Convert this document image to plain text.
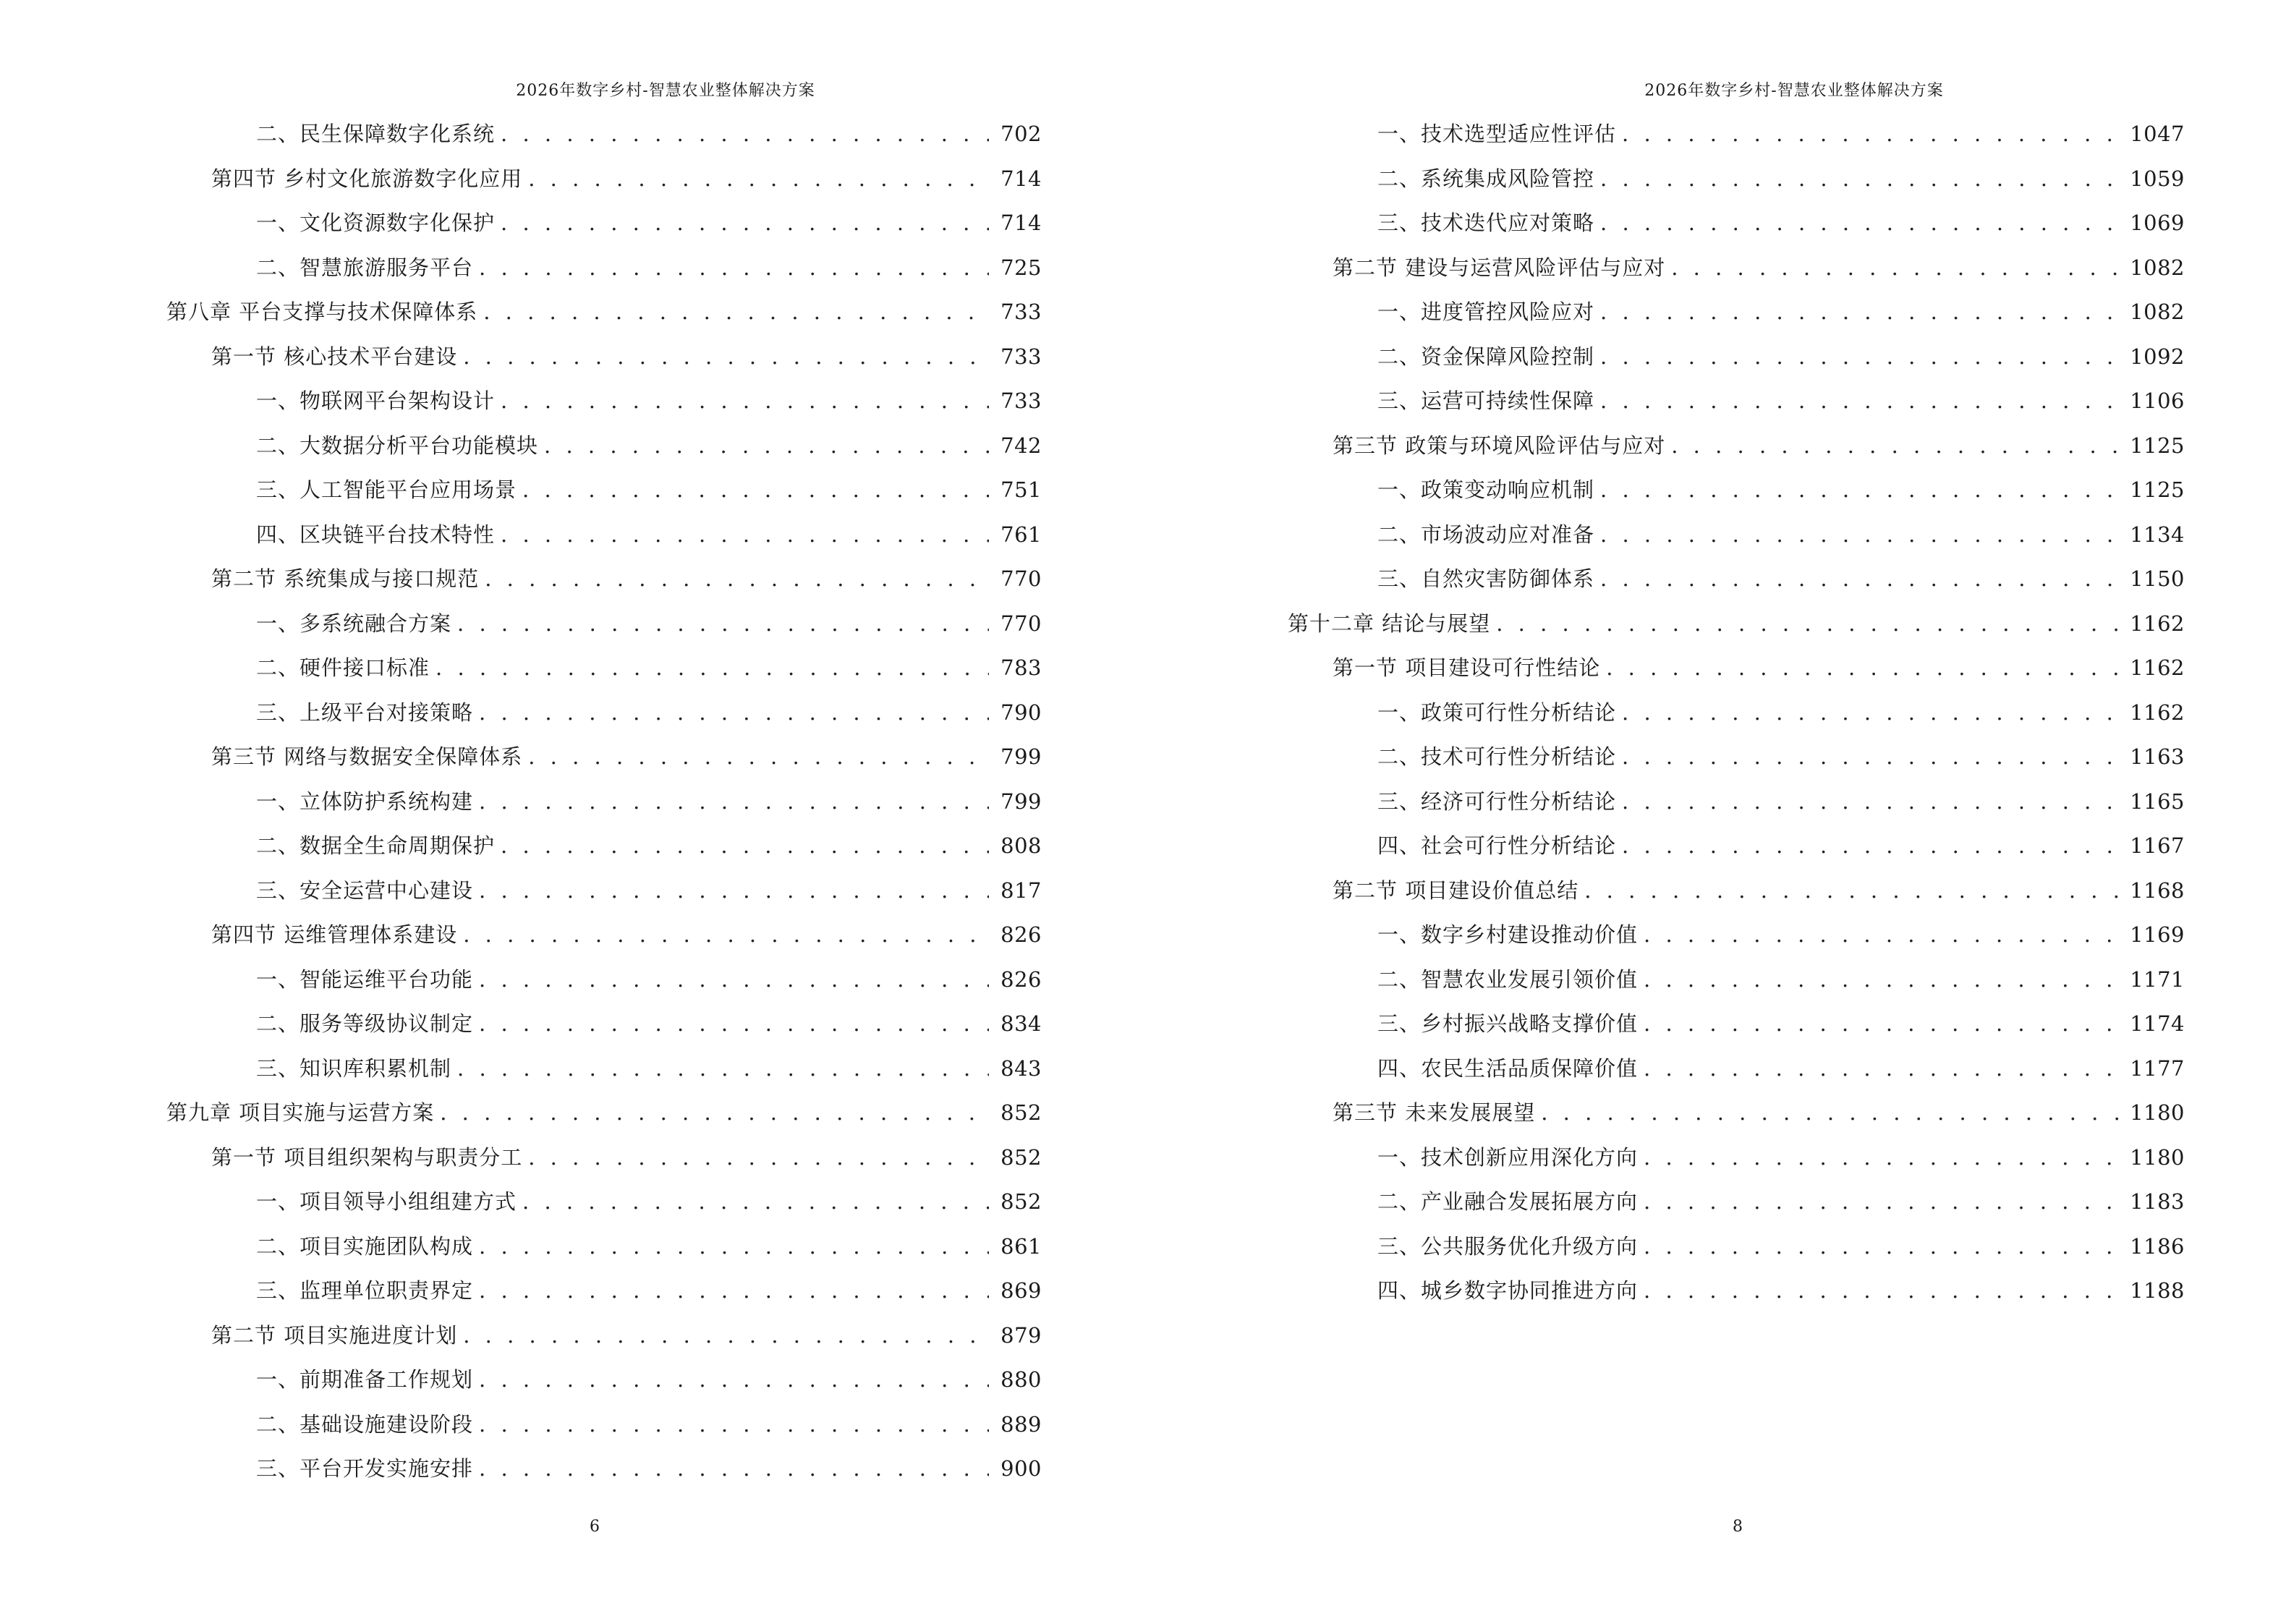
2026年数字乡村-智慧农业整体解决方案
二、民生保障数字化系统 . . .	702
第四节 乡村文化旅游数字化应用 . . .	714
一、文化资源数字化保护 . . .	714
二、智慧旅游服务平台 . . .	725
第八章 平台支撑与技术保障体系 . . .	733
第一节 核心技术平台建设 . . .	733
一、物联网平台架构设计 . . .	733
二、大数据分析平台功能模块 . . .	742
三、人工智能平台应用场景 . . .	751
四、区块链平台技术特性 . . .	761
第二节 系统集成与接口规范 . . .	770
一、多系统融合方案 . . .	770
二、硬件接口标准 . . .	783
三、上级平台对接策略 . . .	790
第三节 网络与数据安全保障体系 . . .	799
一、立体防护系统构建 . . .	799
二、数据全生命周期保护 . . .	808
三、安全运营中心建设 . . .	817
第四节 运维管理体系建设 . . .	826
一、智能运维平台功能 . . .	826
二、服务等级协议制定 . . .	834
三、知识库积累机制 . . .	843
第九章 项目实施与运营方案 . . .	852
第一节 项目组织架构与职责分工 . . .	852
一、项目领导小组组建方式 . . .	852
二、项目实施团队构成 . . .	861
三、监理单位职责界定 . . .	869
第二节 项目实施进度计划 . . .	879
一、前期准备工作规划 . . .	880
二、基础设施建设阶段 . . .	889
三、平台开发实施安排 . . .	900
6
2026年数字乡村-智慧农业整体解决方案
一、技术选型适应性评估 . . .	1047
二、系统集成风险管控 . . .	1059
三、技术迭代应对策略 . . .	1069
第二节 建设与运营风险评估与应对 . . .	1082
一、进度管控风险应对 . . .	1082
二、资金保障风险控制 . . .	1092
三、运营可持续性保障 . . .	1106
第三节 政策与环境风险评估与应对 . . .	1125
一、政策变动响应机制 . . .	1125
二、市场波动应对准备 . . .	1134
三、自然灾害防御体系 . . .	1150
第十二章 结论与展望 . . .	1162
第一节 项目建设可行性结论 . . .	1162
一、政策可行性分析结论 . . .	1162
二、技术可行性分析结论 . . .	1163
三、经济可行性分析结论 . . .	1165
四、社会可行性分析结论 . . .	1167
第二节 项目建设价值总结 . . .	1168
一、数字乡村建设推动价值 . . .	1169
二、智慧农业发展引领价值 . . .	1171
三、乡村振兴战略支撑价值 . . .	1174
四、农民生活品质保障价值 . . .	1177
第三节 未来发展展望 . . .	1180
一、技术创新应用深化方向 . . .	1180
二、产业融合发展拓展方向 . . .	1183
三、公共服务优化升级方向 . . .	1186
四、城乡数字协同推进方向 . . .	1188
8
